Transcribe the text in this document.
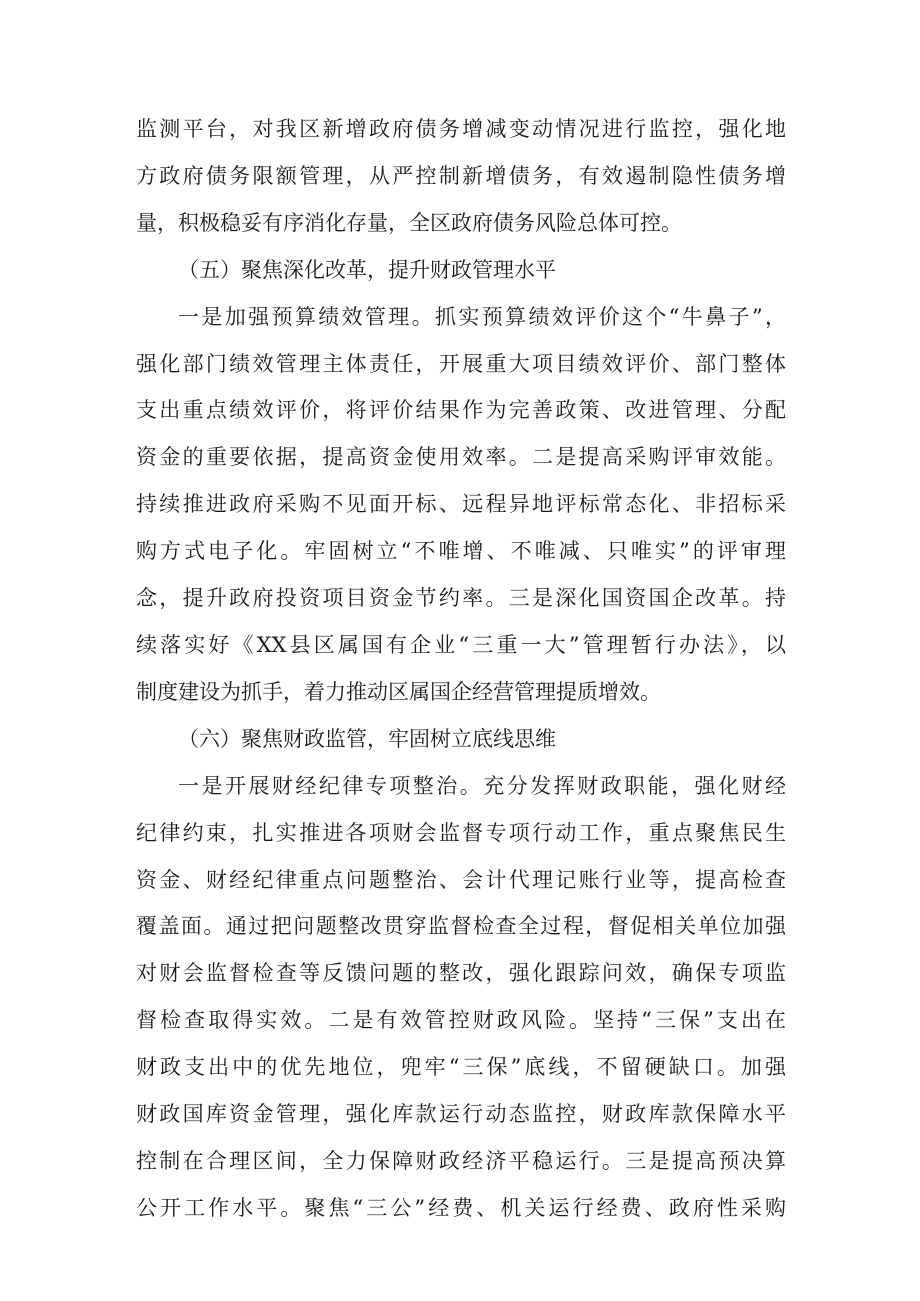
监测平台，对我区新增政府债务增减变动情况进行监控，强化地
方政府债务限额管理，从严控制新增债务，有效遏制隐性债务增
量，积极稳妥有序消化存量，全区政府债务风险总体可控。
（五）聚焦深化改革，提升财政管理水平
一是加强预算绩效管理。抓实预算绩效评价这个“牛鼻子”，
强化部门绩效管理主体责任，开展重大项目绩效评价、部门整体
支出重点绩效评价，将评价结果作为完善政策、改进管理、分配
资金的重要依据，提高资金使用效率。二是提高采购评审效能。
持续推进政府采购不见面开标、远程异地评标常态化、非招标采
购方式电子化。牢固树立“不唯增、不唯减、只唯实”的评审理
念，提升政府投资项目资金节约率。三是深化国资国企改革。持
续落实好《XX县区属国有企业“三重一大”管理暂行办法》，以
制度建设为抓手，着力推动区属国企经营管理提质增效。
（六）聚焦财政监管，牢固树立底线思维
一是开展财经纪律专项整治。充分发挥财政职能，强化财经
纪律约束，扎实推进各项财会监督专项行动工作，重点聚焦民生
资金、财经纪律重点问题整治、会计代理记账行业等，提高检查
覆盖面。通过把问题整改贯穿监督检查全过程，督促相关单位加强
对财会监督检查等反馈问题的整改，强化跟踪问效，确保专项监
督检查取得实效。二是有效管控财政风险。坚持“三保”支出在
财政支出中的优先地位，兜牢“三保”底线，不留硬缺口。加强
财政国库资金管理，强化库款运行动态监控，财政库款保障水平
控制在合理区间，全力保障财政经济平稳运行。三是提高预决算
公开工作水平。聚焦“三公”经费、机关运行经费、政府性采购
